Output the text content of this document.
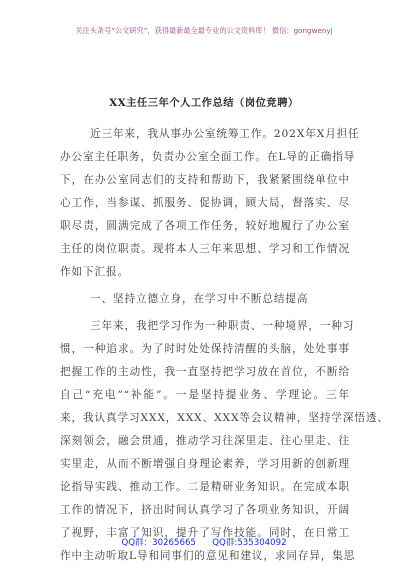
关注头条号“公文研究”，获得最新最全最专业的公文资料库！ 微信：gongwenyj
XX主任三年个人工作总结（岗位竞聘）
近三年来，我从事办公室统筹工作。202X年X月担任
办公室主任职务，负责办公室全面工作。在L导的正确指导
下，在办公室同志们的支持和帮助下，我紧紧围绕单位中
心工作，当参谋、抓服务、促协调，顾大局，督落实、尽
职尽责，圆满完成了各项工作任务，较好地履行了办公室
主任的岗位职责。现将本人三年来思想、学习和工作情况
作如下汇报。
一、坚持立德立身，在学习中不断总结提高
三年来，我把学习作为一种职责、一种境界，一种习
惯，一种追求。为了时时处处保持清醒的头脑，处处事事
把握工作的主动性，我一直坚持把学习放在首位，不断给
自己“充电”“补能”。一是坚持提业务、学理论。三年
来，我认真学习XXX，XXX、XXX等会议精神，坚持学深悟透、
深刻领会，融会贯通，推动学习往深里走、往心里走、往
实里走，从而不断增强自身理论素养，学习用新的创新理
论指导实践、推动工作。二是精研业务知识。在完成本职
工作的情况下，挤出时间认真学习了各项业务知识，开阔
了视野，丰富了知识，提升了写作技能。同时，在日常工
作中主动听取L导和同事们的意见和建议，求同存异，集思
QQ群：30265665 QQ群:535304092
